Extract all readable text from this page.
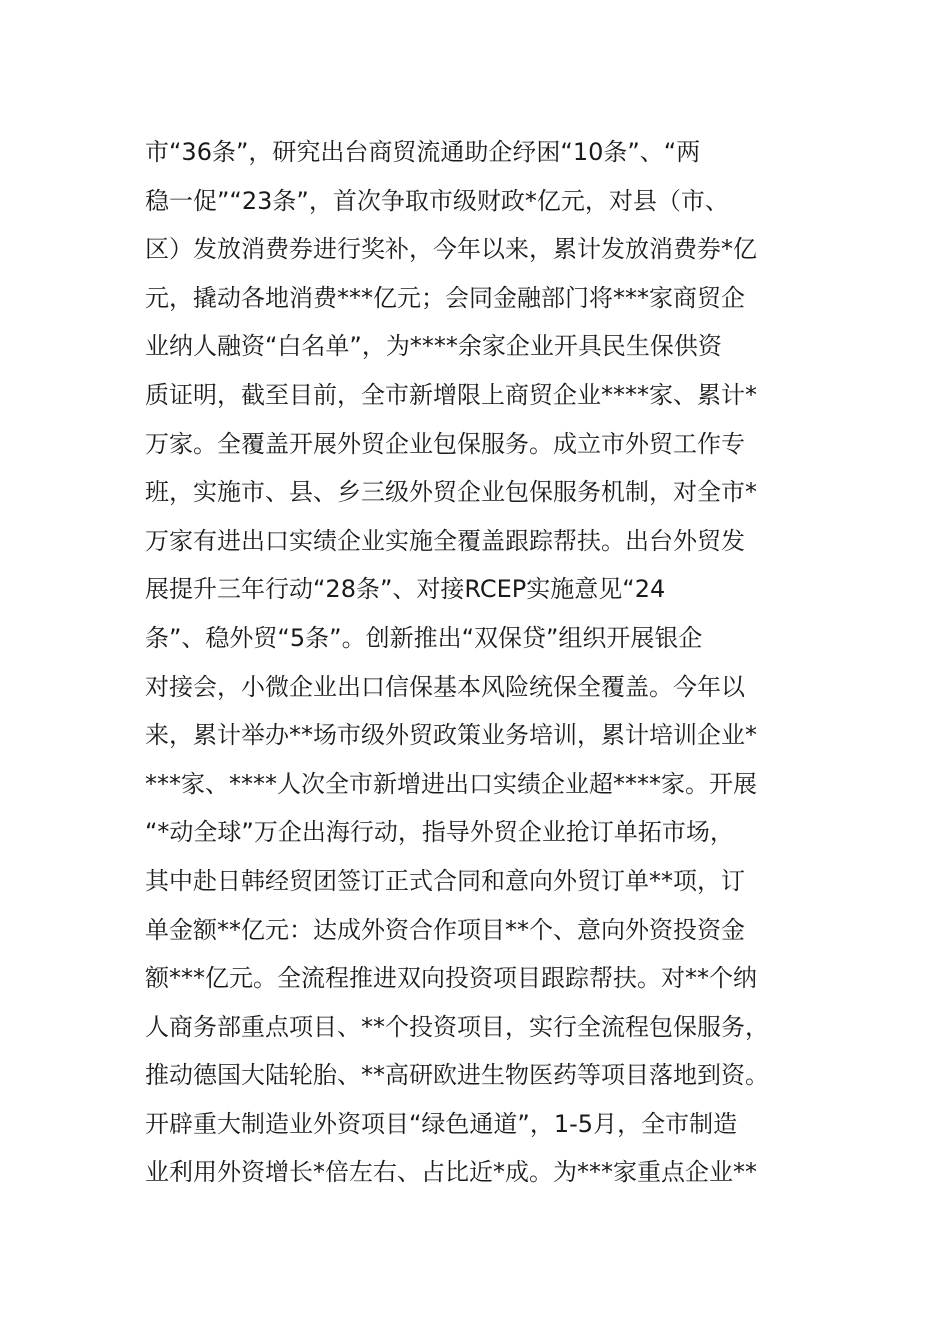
市“36条”，研究出台商贸流通助企纾困“10条”、“两
稳一促”“23条”，首次争取市级财政*亿元，对县（市、
区）发放消费券进行奖补，今年以来，累计发放消费券*亿
元，撬动各地消费***亿元；会同金融部门将***家商贸企
业纳人融资“白名单”，为****余家企业开具民生保供资
质证明，截至目前，全市新增限上商贸企业****家、累计*
万家。全覆盖开展外贸企业包保服务。成立市外贸工作专
班，实施市、县、乡三级外贸企业包保服务机制，对全市*
万家有进出口实绩企业实施全覆盖跟踪帮扶。出台外贸发
展提升三年行动“28条”、对接RCEP实施意见“24
条”、稳外贸“5条”。创新推出“双保贷”组织开展银企
对接会，小微企业出口信保基本风险统保全覆盖。今年以
来，累计举办**场市级外贸政策业务培训，累计培训企业*
***家、****人次全市新增进出口实绩企业超****家。开展
“*动全球”万企出海行动，指导外贸企业抢订单拓市场，
其中赴日韩经贸团签订正式合同和意向外贸订单**项，订
单金额**亿元：达成外资合作项目**个、意向外资投资金
额***亿元。全流程推进双向投资项目跟踪帮扶。对**个纳
人商务部重点项目、**个投资项目，实行全流程包保服务，
推动德国大陆轮胎、**高研欧进生物医药等项目落地到资。
开辟重大制造业外资项目“绿色通道”，1-5月，全市制造
业利用外资增长*倍左右、占比近*成。为***家重点企业**
